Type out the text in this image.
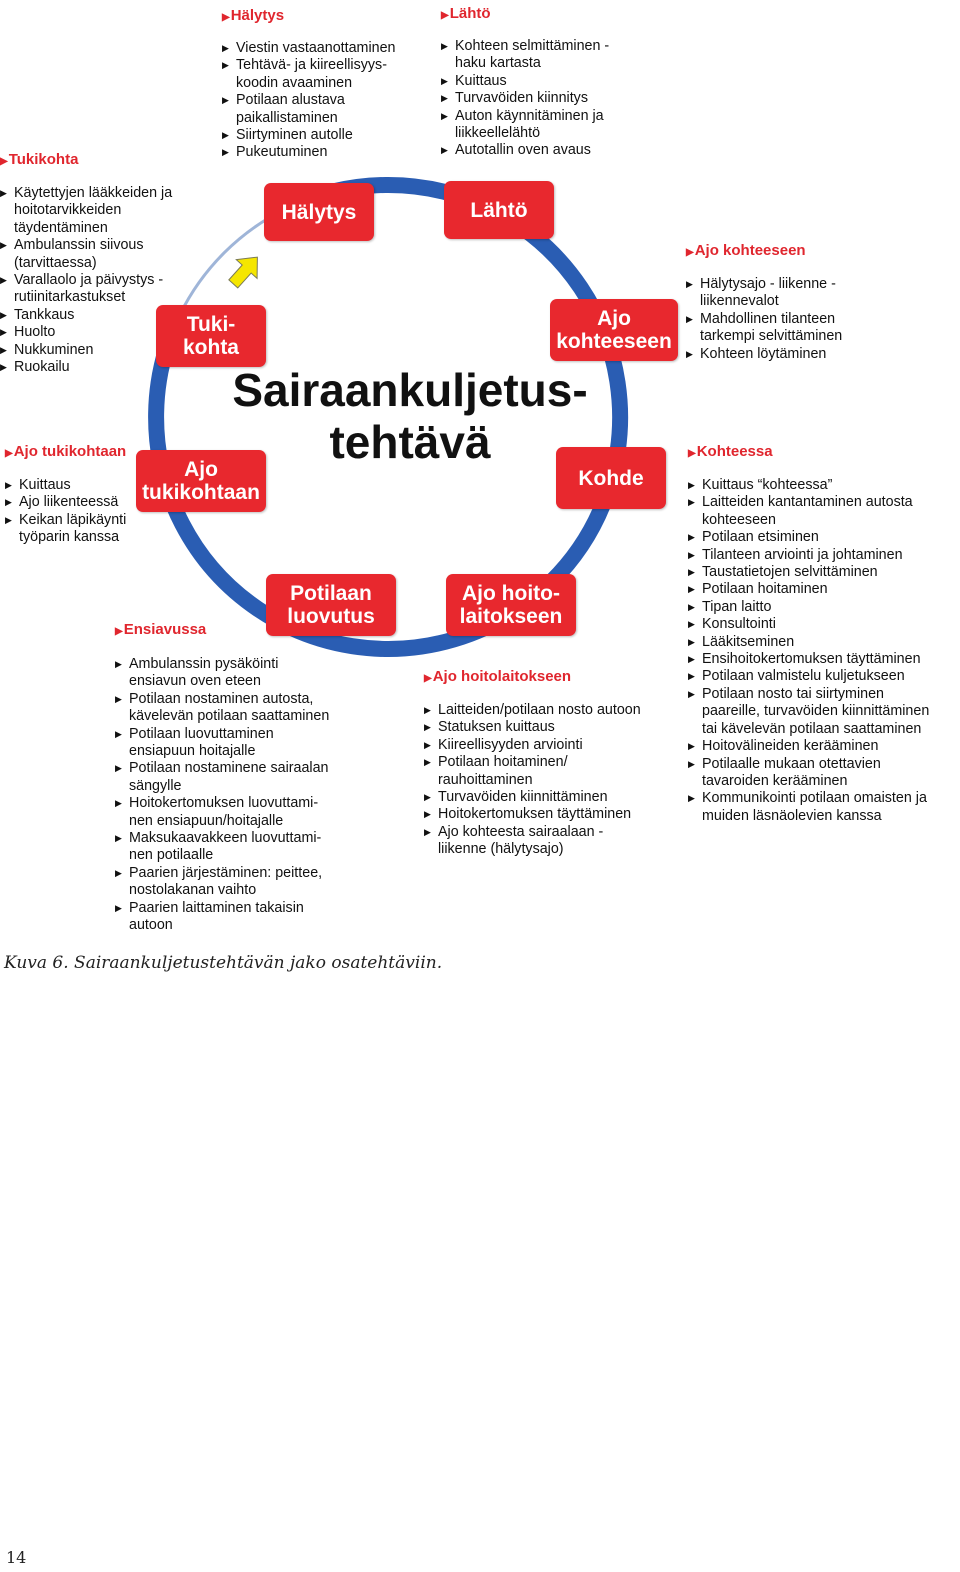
Hälytys	Lähtö
Ajo
kohteeseen
Kohde
Ajo hoito-
laitokseen
Potilaan
luovutus
Ajo
tukikohtaan
Tuki-
kohta
Sairaankuljetus-
tehtävä
▶Hälytys
▶ Viestin vastaanottaminen
▶ Tehtävä- ja kiireellisyys-
koodin avaaminen
▶ Potilaan alustava
paikallistaminen
▶ Siirtyminen autolle
▶ Pukeutuminen
▶Lähtö
▶ Kohteen selmittäminen -
haku kartasta
▶ Kuittaus
▶ Turvavöiden kiinnitys
▶ Auton käynnitäminen ja
liikkeellelähtö
▶ Autotallin oven avaus
▶Tukikohta
▶ Käytettyjen lääkkeiden ja
hoitotarvikkeiden
täydentäminen
▶ Ambulanssin siivous
(tarvittaessa)
▶ Varallaolo ja päivystys -
rutiinitarkastukset
▶ Tankkaus
▶ Huolto
▶ Nukkuminen
▶ Ruokailu
▶Ajo kohteeseen
▶ Hälytysajo - liikenne -
liikennevalot
▶ Mahdollinen tilanteen
tarkempi selvittäminen
▶ Kohteen löytäminen
▶Ajo tukikohtaan
▶ Kuittaus
▶ Ajo liikenteessä
▶ Keikan läpikäynti
työparin kanssa
▶Kohteessa
▶ Kuittaus “kohteessa”
▶ Laitteiden kantantaminen autosta
kohteeseen
▶ Potilaan etsiminen
▶ Tilanteen arviointi ja johtaminen
▶ Taustatietojen selvittäminen
▶ Potilaan hoitaminen
▶ Tipan laitto
▶ Konsultointi
▶ Lääkitseminen
▶ Ensihoitokertomuksen täyttäminen
▶ Potilaan valmistelu kuljetukseen
▶ Potilaan nosto tai siirtyminen
paareille, turvavöiden kiinnittäminen
tai kävelevän potilaan saattaminen
▶ Hoitovälineiden kerääminen
▶ Potilaalle mukaan otettavien
tavaroiden kerääminen
▶ Kommunikointi potilaan omaisten ja
muiden läsnäolevien kanssa
▶Ensiavussa
▶ Ambulanssin pysäköinti
ensiavun oven eteen
▶ Potilaan nostaminen autosta,
kävelevän potilaan saattaminen
▶ Potilaan luovuttaminen
ensiapuun hoitajalle
▶ Potilaan nostaminene sairaalan
sängylle
▶ Hoitokertomuksen luovuttami-
nen ensiapuun/hoitajalle
▶ Maksukaavakkeen luovuttami-
nen potilaalle
▶ Paarien järjestäminen: peittee,
nostolakanan vaihto
▶ Paarien laittaminen takaisin
autoon
▶Ajo hoitolaitokseen
▶ Laitteiden/potilaan nosto autoon
▶ Statuksen kuittaus
▶ Kiireellisyyden arviointi
▶ Potilaan hoitaminen/
rauhoittaminen
▶ Turvavöiden kiinnittäminen
▶ Hoitokertomuksen täyttäminen
▶ Ajo kohteesta sairaalaan -
liikenne (hälytysajo)
Kuva 6. Sairaankuljetustehtävän jako osatehtäviin.
14
